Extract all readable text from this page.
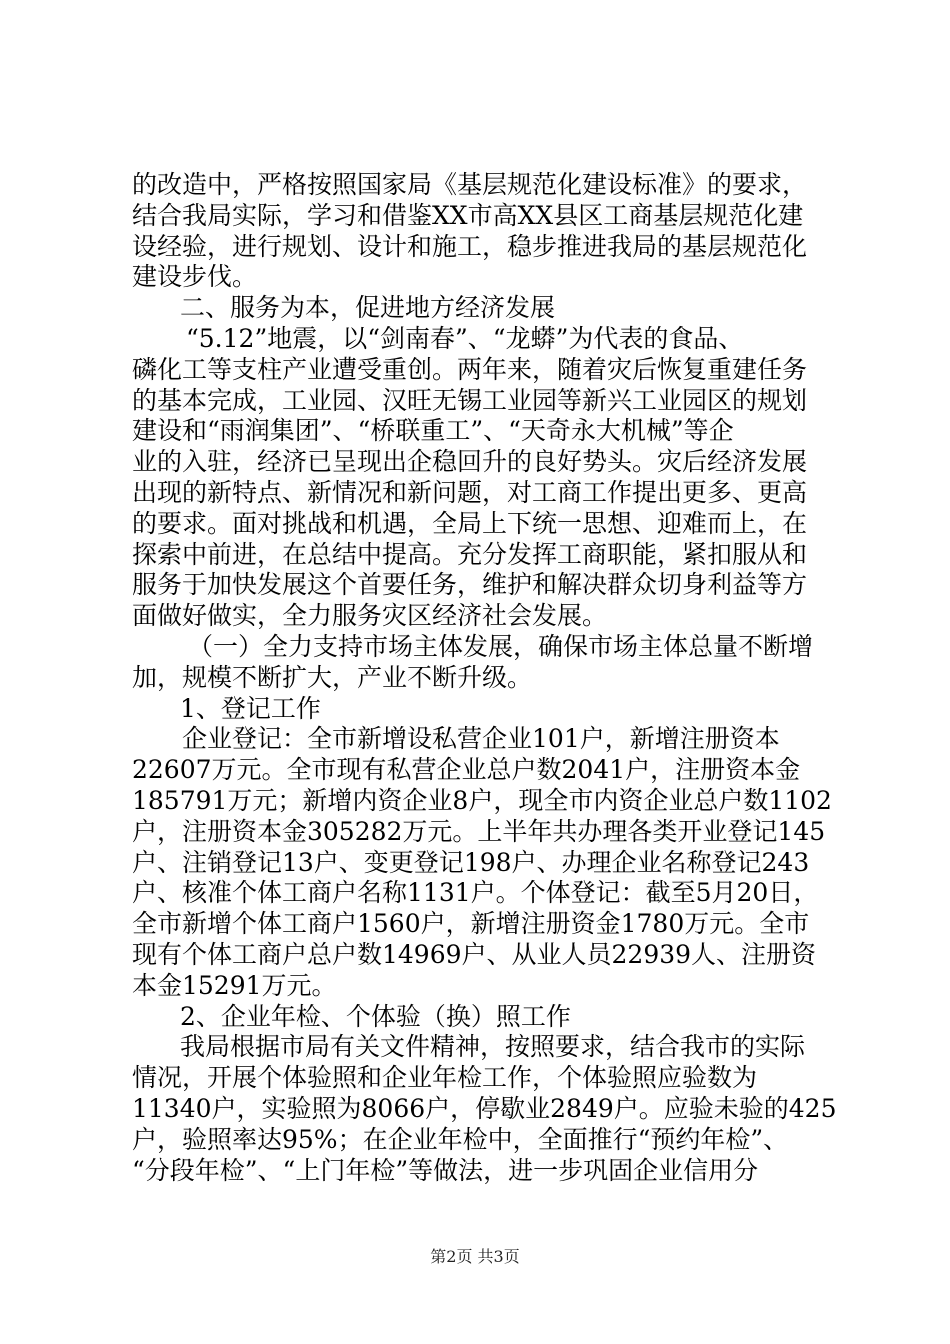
的改造中，严格按照国家局《基层规范化建设标准》的要求，
结合我局实际，学习和借鉴XX市高XX县区工商基层规范化建
设经验，进行规划、设计和施工，稳步推进我局的基层规范化
建设步伐。
二、服务为本，促进地方经济发展
“5.12”地震，以“剑南春”、“龙蟒”为代表的食品、
磷化工等支柱产业遭受重创。两年来，随着灾后恢复重建任务
的基本完成，工业园、汉旺无锡工业园等新兴工业园区的规划
建设和“雨润集团”、“桥联重工”、“天奇永大机械”等企
业的入驻，经济已呈现出企稳回升的良好势头。灾后经济发展
出现的新特点、新情况和新问题，对工商工作提出更多、更高
的要求。面对挑战和机遇，全局上下统一思想、迎难而上，在
探索中前进，在总结中提高。充分发挥工商职能，紧扣服从和
服务于加快发展这个首要任务，维护和解决群众切身利益等方
面做好做实，全力服务灾区经济社会发展。
（一）全力支持市场主体发展，确保市场主体总量不断增
加，规模不断扩大，产业不断升级。
1、登记工作
企业登记：全市新增设私营企业101户，新增注册资本
22607万元。全市现有私营企业总户数2041户，注册资本金
185791万元；新增内资企业8户，现全市内资企业总户数1102
户，注册资本金305282万元。上半年共办理各类开业登记145
户、注销登记13户、变更登记198户、办理企业名称登记243
户、核准个体工商户名称1131户。个体登记：截至5月20日，
全市新增个体工商户1560户，新增注册资金1780万元。全市
现有个体工商户总户数14969户、从业人员22939人、注册资
本金15291万元。
2、企业年检、个体验（换）照工作
我局根据市局有关文件精神，按照要求，结合我市的实际
情况，开展个体验照和企业年检工作，个体验照应验数为
11340户，实验照为8066户，停歇业2849户。应验未验的425
户，验照率达95%；在企业年检中，全面推行“预约年检”、
“分段年检”、“上门年检”等做法，进一步巩固企业信用分
第2页 共3页
